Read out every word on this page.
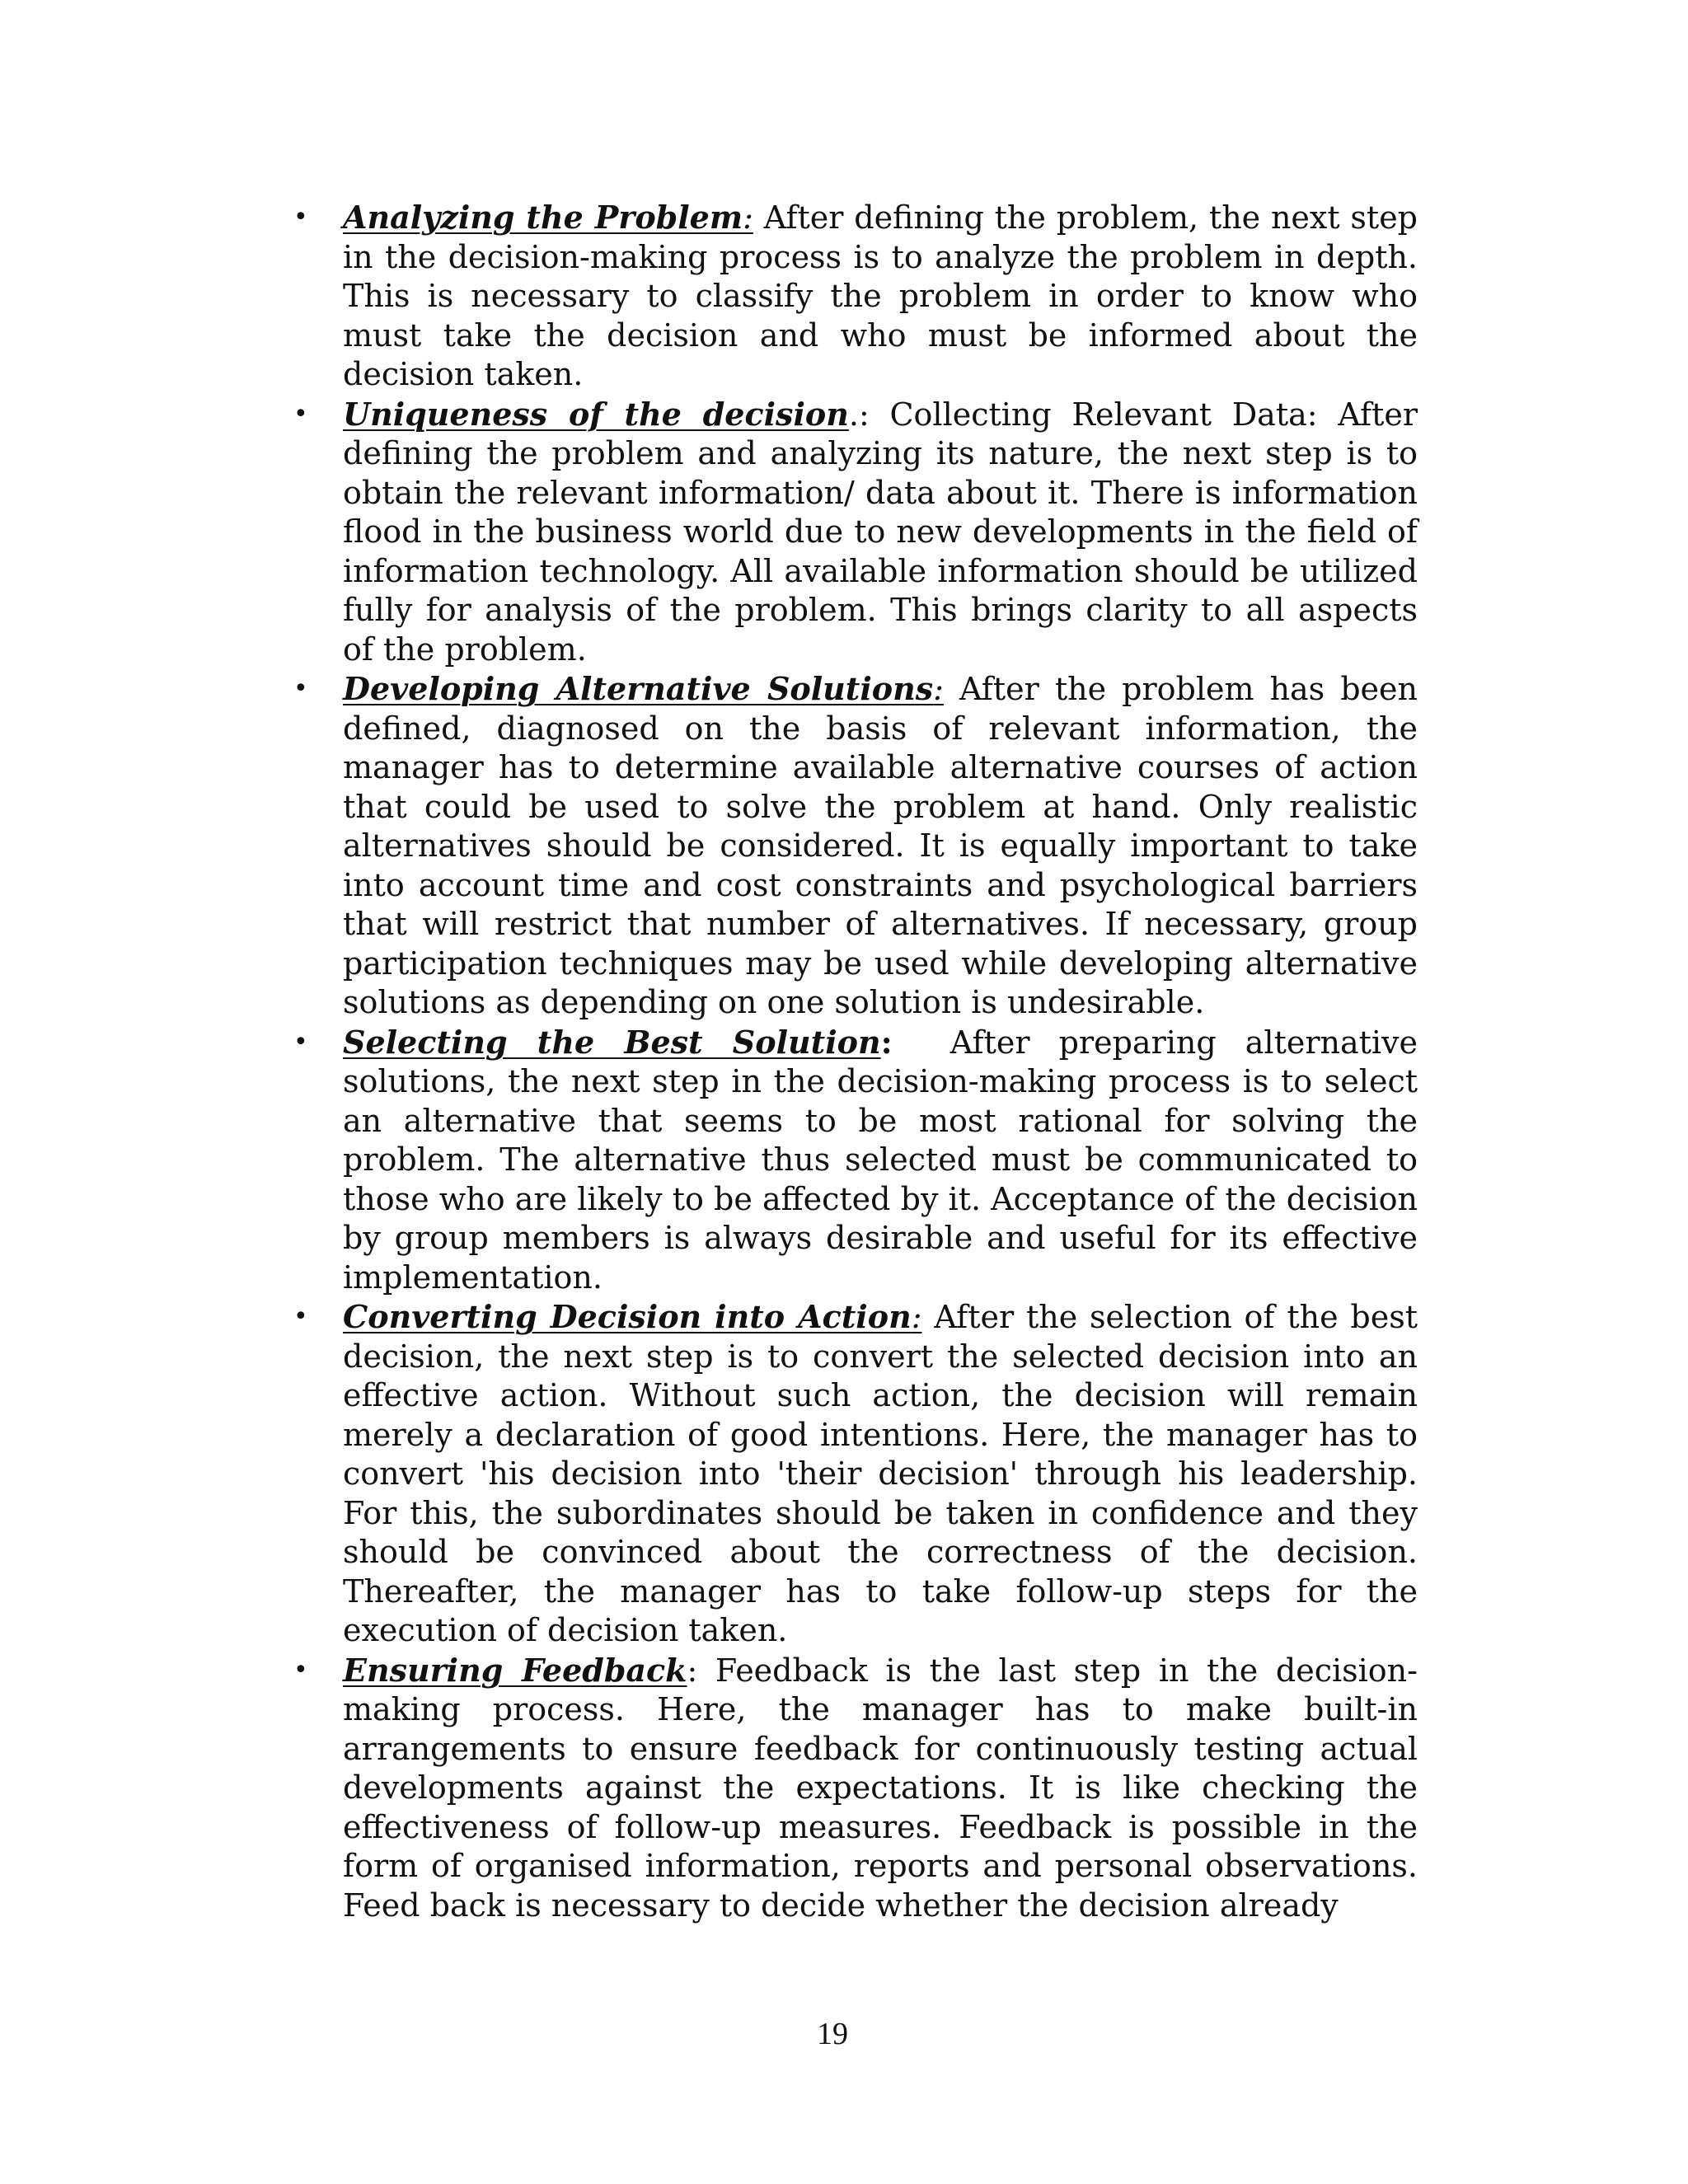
• Analyzing the Problem: After defining the problem, the next step in the decision-making process is to analyze the problem in depth. This is necessary to classify the problem in order to know who must take the decision and who must be informed about the decision taken.

• Uniqueness of the decision.: Collecting Relevant Data: After defining the problem and analyzing its nature, the next step is to obtain the relevant information/ data about it. There is information flood in the business world due to new developments in the field of information technology. All available information should be utilized fully for analysis of the problem. This brings clarity to all aspects of the problem.

• Developing Alternative Solutions: After the problem has been defined, diagnosed on the basis of relevant information, the manager has to determine available alternative courses of action that could be used to solve the problem at hand. Only realistic alternatives should be considered. It is equally important to take into account time and cost constraints and psychological barriers that will restrict that number of alternatives. If necessary, group participation techniques may be used while developing alternative solutions as depending on one solution is undesirable.

• Selecting the Best Solution:  After preparing alternative solutions, the next step in the decision-making process is to select an alternative that seems to be most rational for solving the problem. The alternative thus selected must be communicated to those who are likely to be affected by it. Acceptance of the decision by group members is always desirable and useful for its effective implementation.

• Converting Decision into Action: After the selection of the best decision, the next step is to convert the selected decision into an effective action. Without such action, the decision will remain merely a declaration of good intentions. Here, the manager has to convert 'his decision into 'their decision' through his leadership. For this, the subordinates should be taken in confidence and they should be convinced about the correctness of the decision. Thereafter, the manager has to take follow-up steps for the execution of decision taken.

• Ensuring Feedback: Feedback is the last step in the decision-making process. Here, the manager has to make built-in arrangements to ensure feedback for continuously testing actual developments against the expectations. It is like checking the effectiveness of follow-up measures. Feedback is possible in the form of organised information, reports and personal observations. Feed back is necessary to decide whether the decision already

19
